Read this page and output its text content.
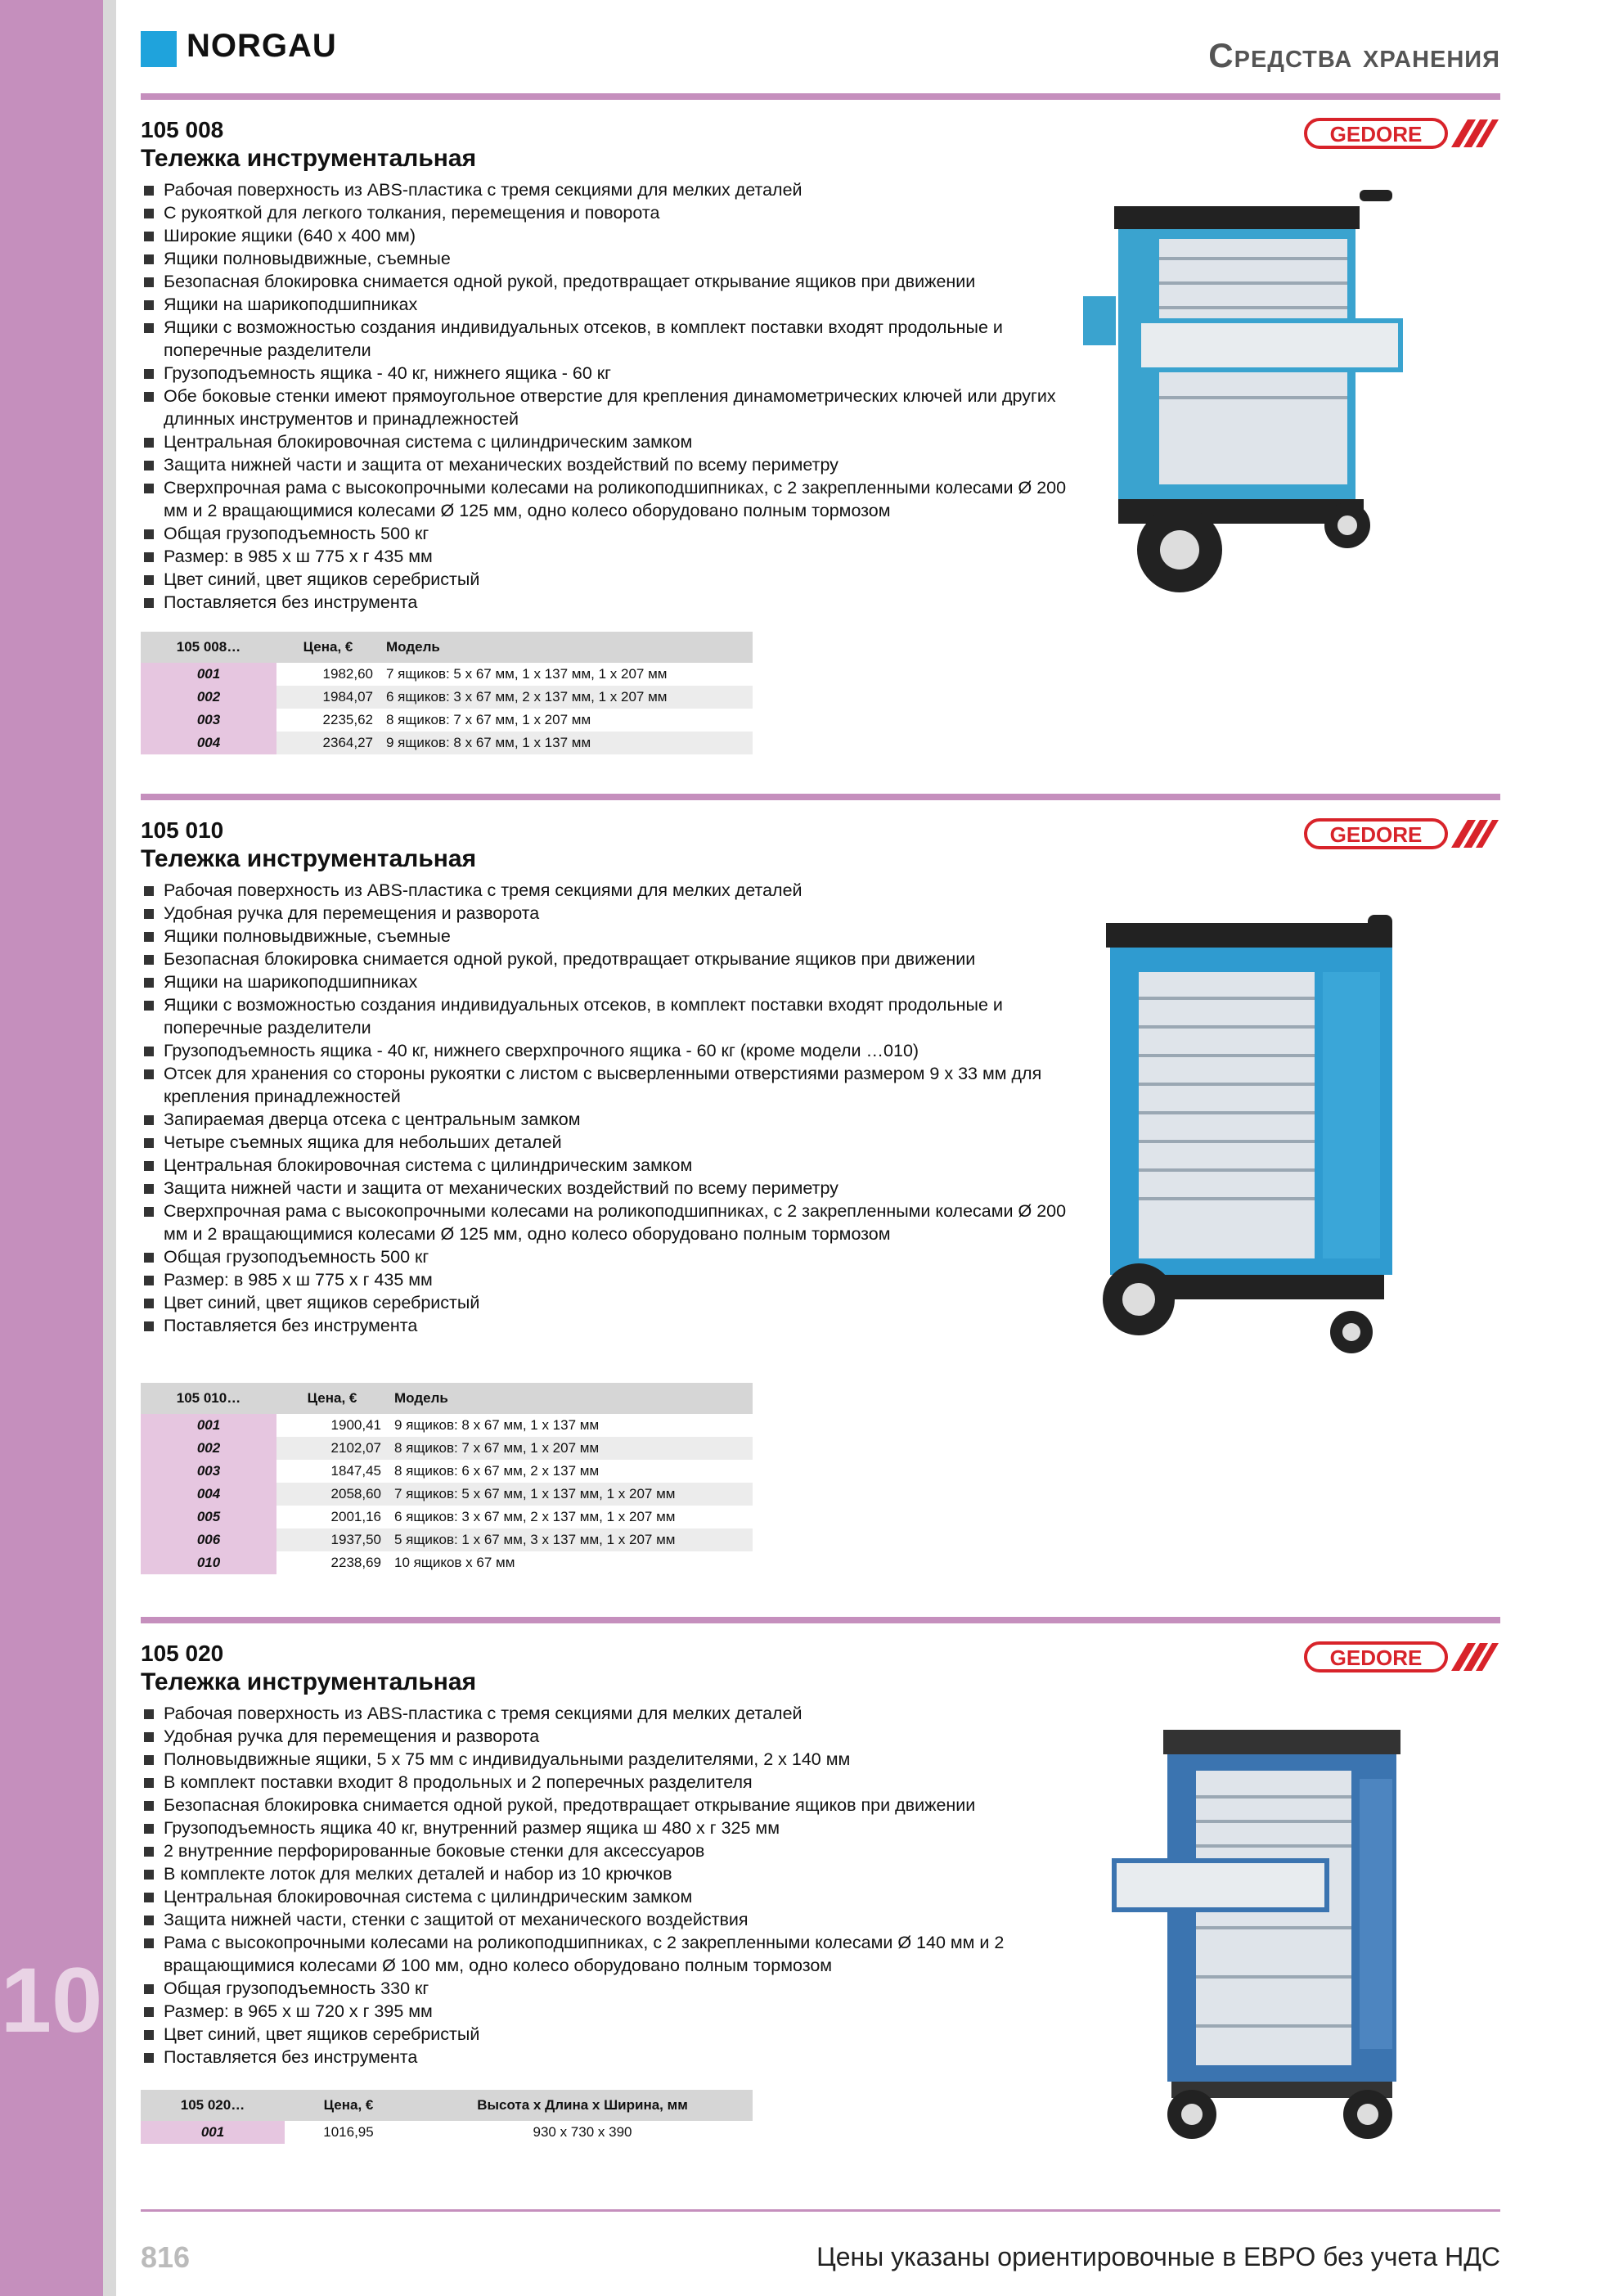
10
NORGAU	Средства хранения

105 008

Тележка инструментальная

Рабочая поверхность из ABS-пластика с тремя секциями для мелких деталей
С рукояткой для легкого толкания, перемещения и поворота
Широкие ящики (640 х 400 мм)
Ящики полновыдвижные, съемные
Безопасная блокировка снимается одной рукой, предотвращает открывание ящиков при движении
Ящики на шарикоподшипниках
Ящики с возможностью создания индивидуальных отсеков, в комплект поставки входят продольные и поперечные разделители
Грузоподъемность ящика - 40 кг, нижнего ящика - 60 кг
Обе боковые стенки имеют прямоугольное отверстие для крепления динамометрических ключей или других длинных инструментов и принадлежностей
Центральная блокировочная система с цилиндрическим замком
Защита нижней части и защита от механических воздействий по всему периметру
Сверхпрочная рама с высокопрочными колесами на роликоподшипниках, с 2 закрепленными колесами Ø 200 мм и 2 вращающимися колесами Ø 125 мм, одно колесо оборудовано полным тормозом
Общая грузоподъемность 500 кг
Размер: в 985 х ш 775 х г 435 мм
Цвет синий, цвет ящиков серебристый
Поставляется без инструмента
GEDORE
105 008…	Цена, €	Модель
001	1982,60	7 ящиков: 5 х 67 мм, 1 х 137 мм, 1 х 207 мм
002	1984,07	6 ящиков: 3 х 67 мм, 2 х 137 мм, 1 х 207 мм
003	2235,62	8 ящиков: 7 х 67 мм, 1 х 207 мм
004	2364,27	9 ящиков: 8 х 67 мм, 1 х 137 мм

105 010

Тележка инструментальная

Рабочая поверхность из ABS-пластика с тремя секциями для мелких деталей
Удобная ручка для перемещения и разворота
Ящики полновыдвижные, съемные
Безопасная блокировка снимается одной рукой, предотвращает открывание ящиков при движении
Ящики на шарикоподшипниках
Ящики с возможностью создания индивидуальных отсеков, в комплект поставки входят продольные и поперечные разделители
Грузоподъемность ящика - 40 кг, нижнего сверхпрочного ящика - 60 кг (кроме модели …010)
Отсек для хранения со стороны рукоятки с листом с высверленными отверстиями размером 9 х 33 мм для крепления принадлежностей
Запираемая дверца отсека с центральным замком
Четыре съемных ящика для небольших деталей
Центральная блокировочная система с цилиндрическим замком
Защита нижней части и защита от механических воздействий по всему периметру
Сверхпрочная рама с высокопрочными колесами на роликоподшипниках, с 2 закрепленными колесами Ø 200 мм и 2 вращающимися колесами Ø 125 мм, одно колесо оборудовано полным тормозом
Общая грузоподъемность 500 кг
Размер: в 985 х ш 775 х г 435 мм
Цвет синий, цвет ящиков серебристый
Поставляется без инструмента
GEDORE
105 010…	Цена, €	Модель
001	1900,41	9 ящиков: 8 х 67 мм, 1 х 137 мм
002	2102,07	8 ящиков: 7 х 67 мм, 1 х 207 мм
003	1847,45	8 ящиков: 6 х 67 мм, 2 х 137 мм
004	2058,60	7 ящиков: 5 х 67 мм, 1 х 137 мм, 1 х 207 мм
005	2001,16	6 ящиков: 3 х 67 мм, 2 х 137 мм, 1 х 207 мм
006	1937,50	5 ящиков: 1 х 67 мм, 3 х 137 мм, 1 х 207 мм
010	2238,69	10 ящиков х 67 мм

105 020

Тележка инструментальная

Рабочая поверхность из ABS-пластика с тремя секциями для мелких деталей
Удобная ручка для перемещения и разворота
Полновыдвижные ящики, 5 х 75 мм с индивидуальными разделителями, 2 х 140 мм
В комплект поставки входит 8 продольных и 2 поперечных разделителя
Безопасная блокировка снимается одной рукой, предотвращает открывание ящиков при движении
Грузоподъемность ящика 40 кг, внутренний размер ящика ш 480 х г 325 мм
2 внутренние перфорированные боковые стенки для аксессуаров
В комплекте лоток для мелких деталей и набор из 10 крючков
Центральная блокировочная система с цилиндрическим замком
Защита нижней части, стенки с защитой от механического воздействия
Рама с высокопрочными колесами на роликоподшипниках, с 2 закрепленными колесами Ø 140 мм и 2 вращающимися колесами Ø 100 мм, одно колесо оборудовано полным тормозом
Общая грузоподъемность 330 кг
Размер: в 965 х ш 720 х г 395 мм
Цвет синий, цвет ящиков серебристый
Поставляется без инструмента
GEDORE
105 020…	Цена, €	Высота х Длина х Ширина, мм
001	1016,95	930 х 730 х 390
816	Цены указаны ориентировочные в ЕВРО без учета НДС
